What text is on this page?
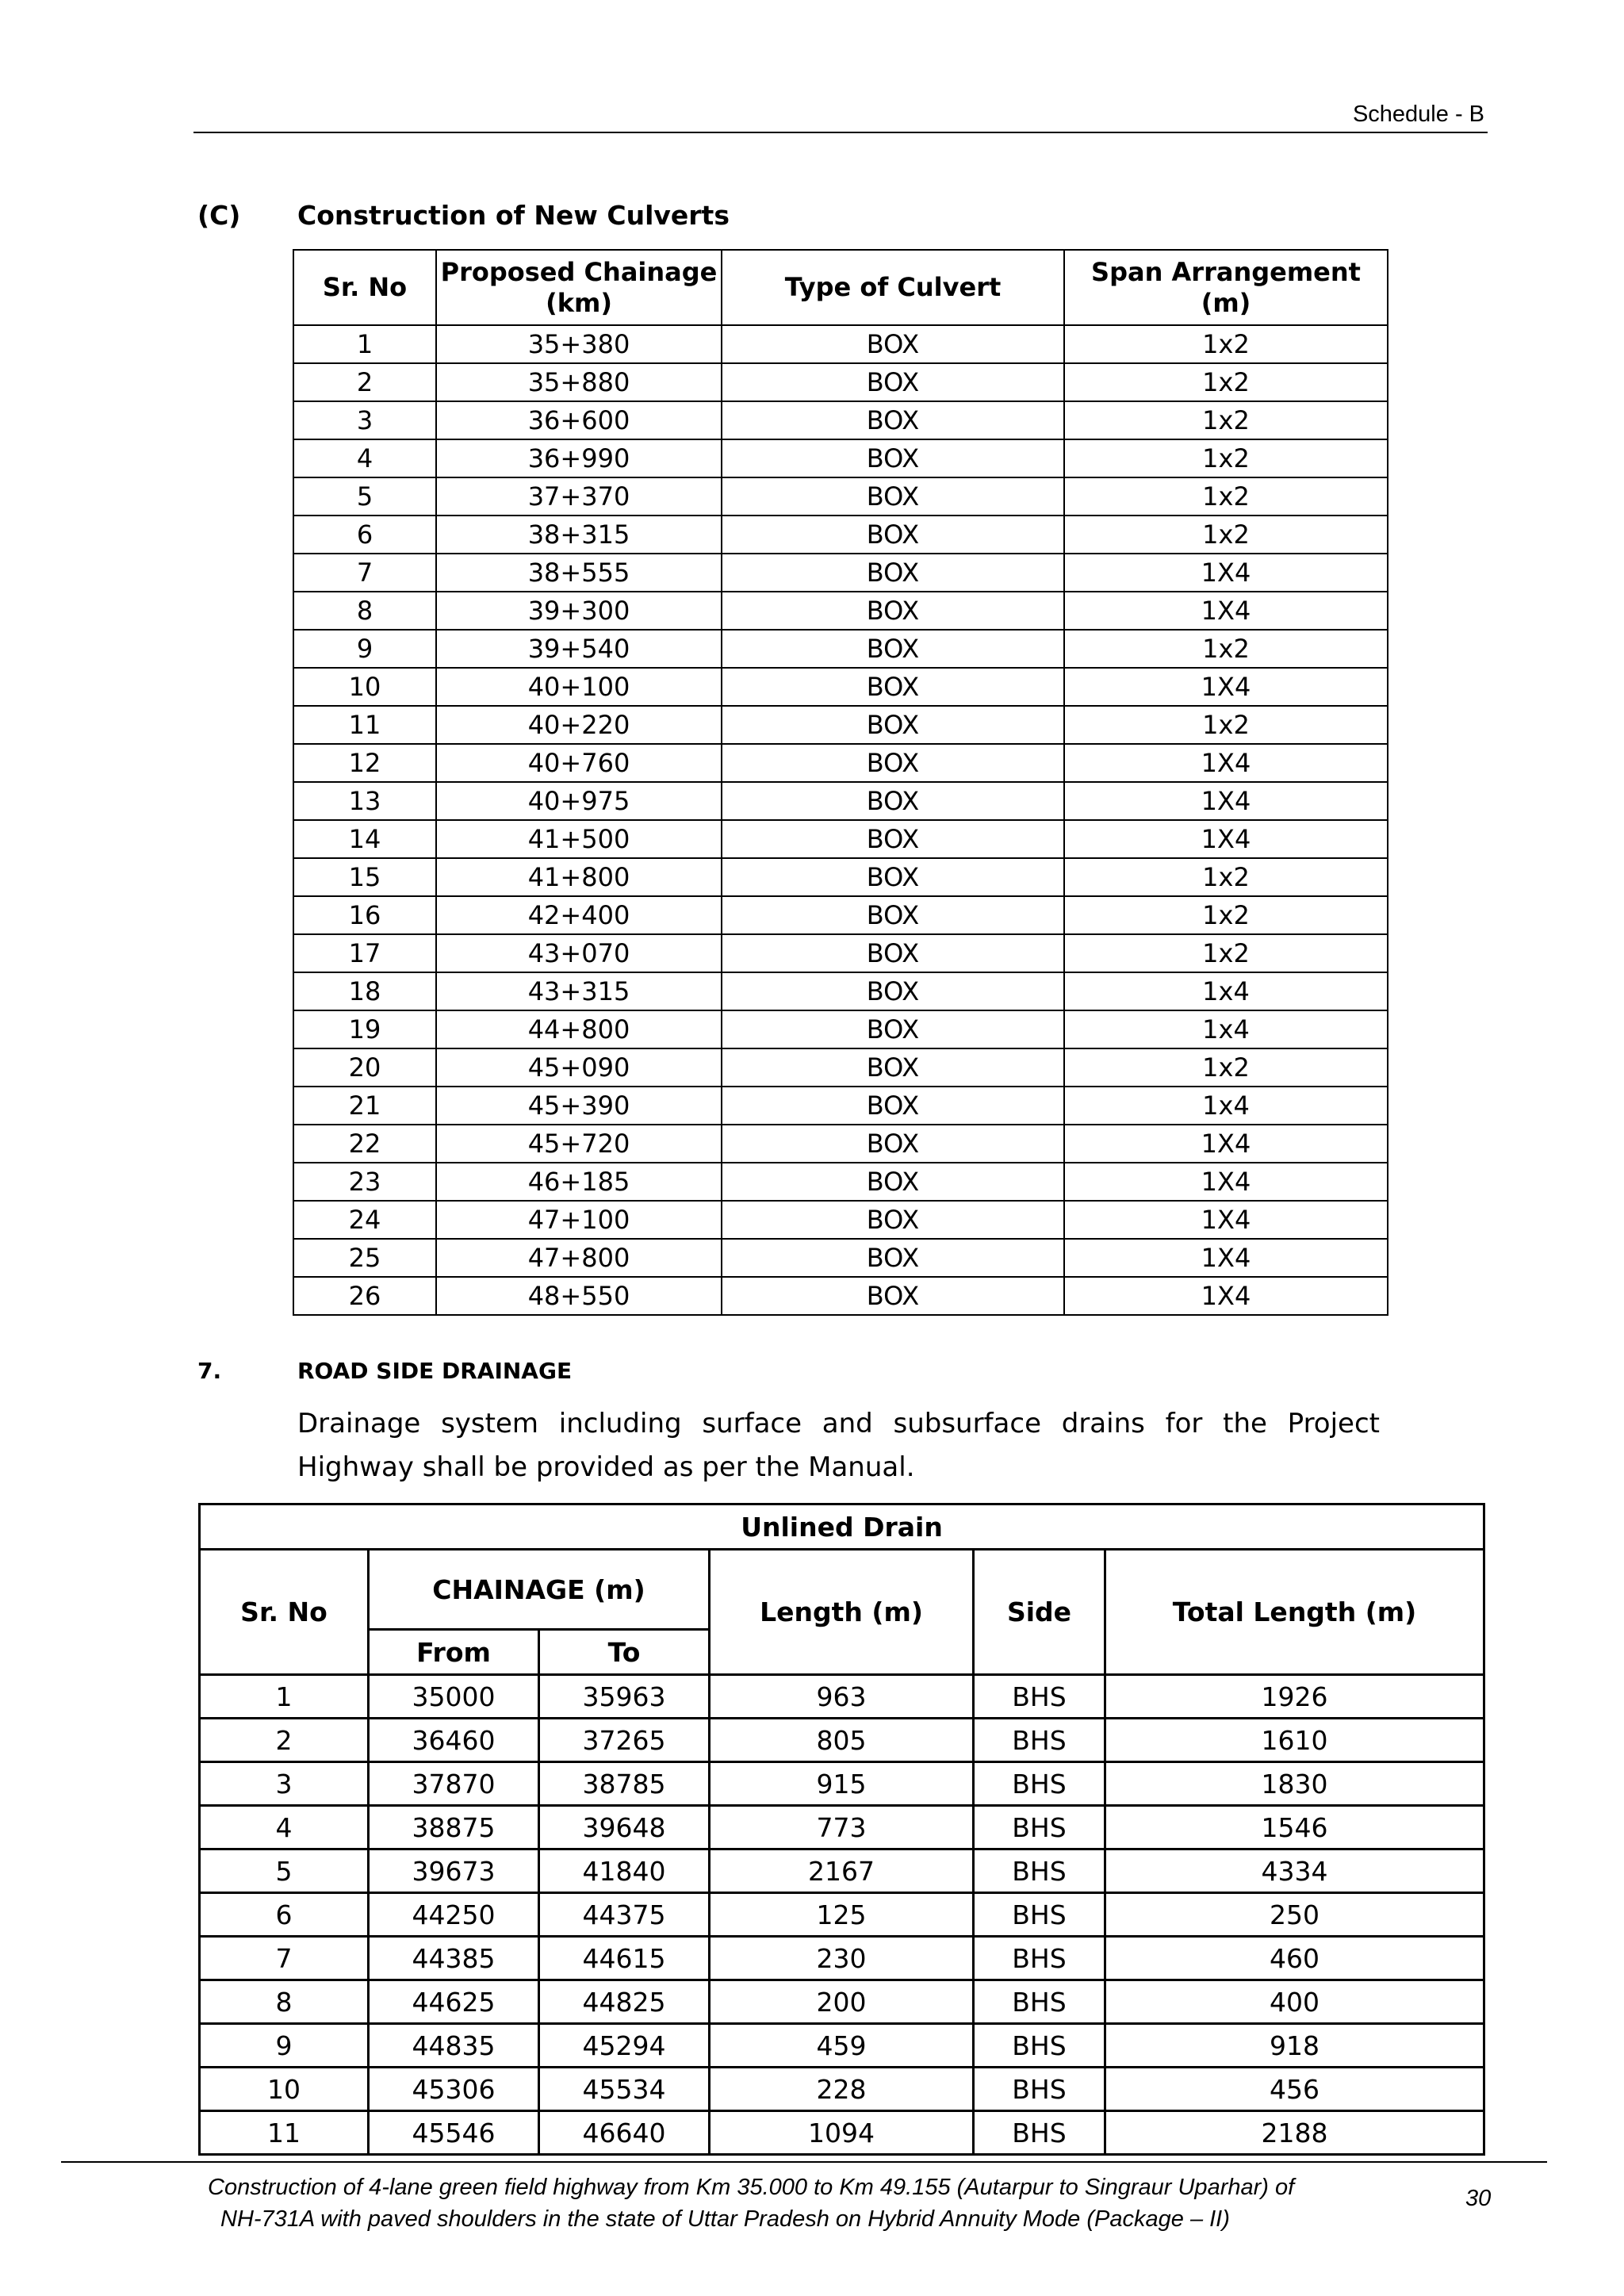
Schedule - B
(C) Construction of New Culverts
Sr. No	Proposed Chainage (km)	Type of Culvert	Span Arrangement (m)
1	35+380	BOX	1x2
2	35+880	BOX	1x2
3	36+600	BOX	1x2
4	36+990	BOX	1x2
5	37+370	BOX	1x2
6	38+315	BOX	1x2
7	38+555	BOX	1X4
8	39+300	BOX	1X4
9	39+540	BOX	1x2
10	40+100	BOX	1X4
11	40+220	BOX	1x2
12	40+760	BOX	1X4
13	40+975	BOX	1X4
14	41+500	BOX	1X4
15	41+800	BOX	1x2
16	42+400	BOX	1x2
17	43+070	BOX	1x2
18	43+315	BOX	1x4
19	44+800	BOX	1x4
20	45+090	BOX	1x2
21	45+390	BOX	1x4
22	45+720	BOX	1X4
23	46+185	BOX	1X4
24	47+100	BOX	1X4
25	47+800	BOX	1X4
26	48+550	BOX	1X4
7.	ROAD SIDE DRAINAGE

Drainage system including surface and subsurface drains for the Project Highway shall be provided as per the Manual.

Unlined Drain					
Sr. No	CHAINAGE (m)		Length (m)	Side	Total Length (m)
	From	To			
1	35000	35963	963	BHS	1926
2	36460	37265	805	BHS	1610
3	37870	38785	915	BHS	1830
4	38875	39648	773	BHS	1546
5	39673	41840	2167	BHS	4334
6	44250	44375	125	BHS	250
7	44385	44615	230	BHS	460
8	44625	44825	200	BHS	400
9	44835	45294	459	BHS	918
10	45306	45534	228	BHS	456
11	45546	46640	1094	BHS	2188
Construction of 4-lane green field highway from Km 35.000 to Km 49.155 (Autarpur to Singraur Uparhar) of
NH-731A with paved shoulders in the state of Uttar Pradesh on Hybrid Annuity Mode (Package – II)
30
